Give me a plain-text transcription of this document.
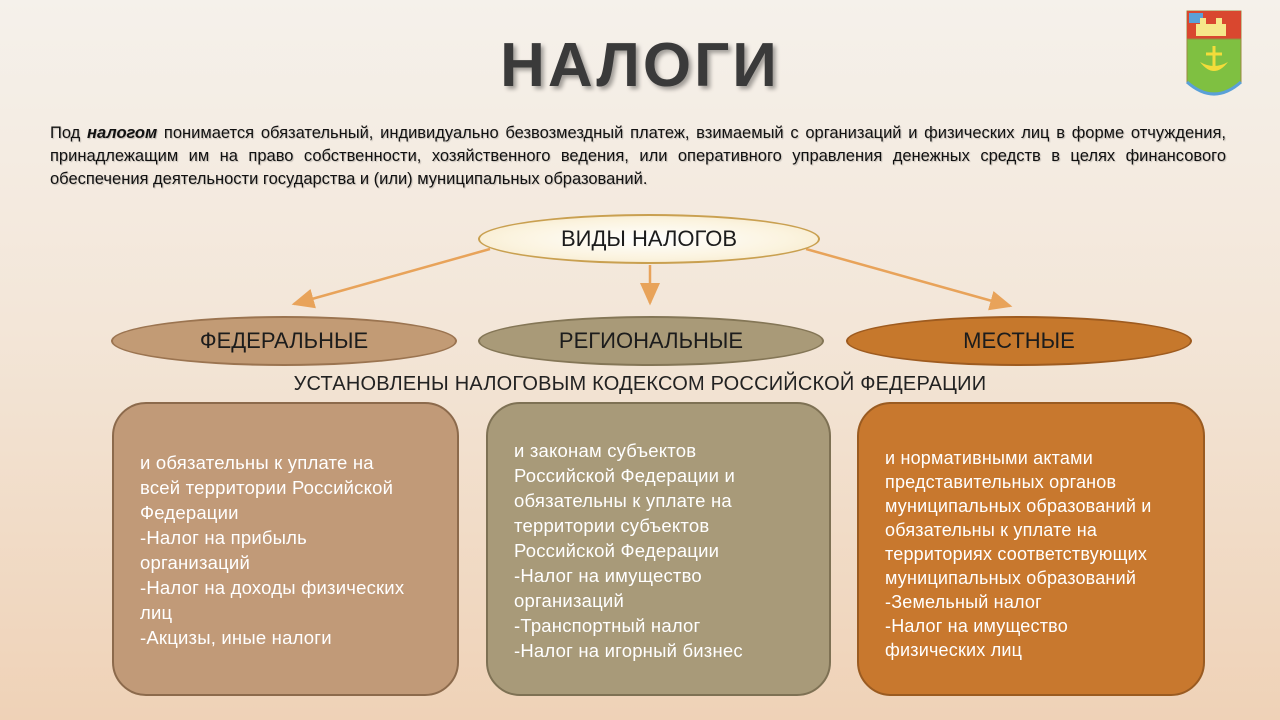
НАЛОГИ
Под налогом понимается обязательный, индивидуально безвозмездный платеж, взимаемый с организаций и физических лиц в форме отчуждения, принадлежащим им на право собственности, хозяйственного ведения, или оперативного управления денежных средств в целях финансового обеспечения деятельности государства и (или) муниципальных образований.
ВИДЫ НАЛОГОВ
ФЕДЕРАЛЬНЫЕ	РЕГИОНАЛЬНЫЕ	МЕСТНЫЕ
УСТАНОВЛЕНЫ НАЛОГОВЫМ КОДЕКСОМ РОССИЙСКОЙ ФЕДЕРАЦИИ

и обязательны к уплате на

всей территории Российской

Федерации

-Налог на прибыль

организаций

-Налог на доходы физических

лиц

-Акцизы, иные налоги

и законам субъектов

Российской Федерации и

обязательны к уплате на

территории субъектов

Российской Федерации

-Налог на имущество

организаций

-Транспортный налог

-Налог на игорный бизнес

и нормативными актами

представительных органов

муниципальных образований и

обязательны к уплате на

территориях соответствующих

муниципальных образований

-Земельный налог

-Налог на имущество

физических лиц
